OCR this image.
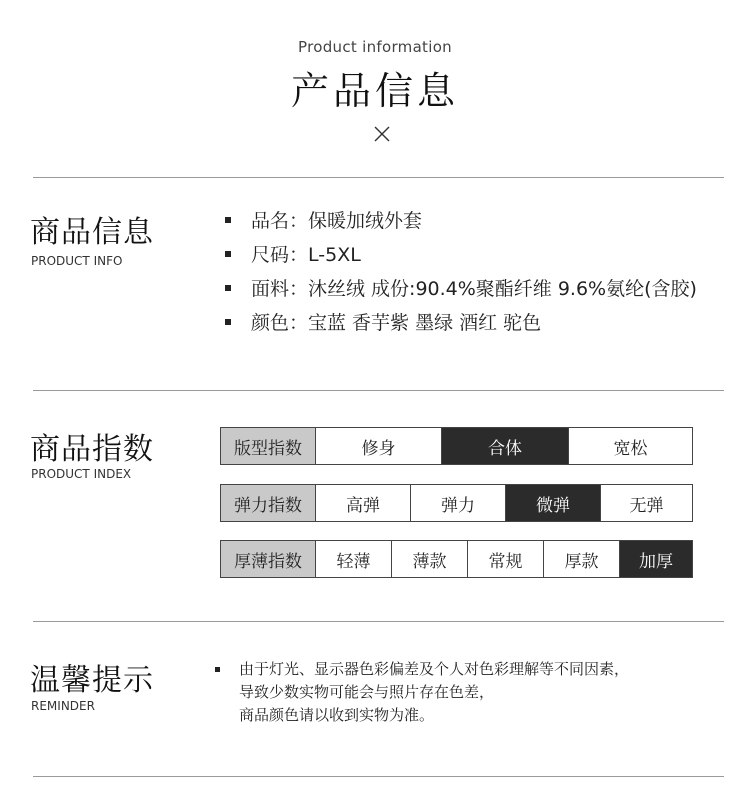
Product information
产品信息
商品信息
PRODUCT INFO
品名：保暖加绒外套
尺码：L-5XL
面料：沐丝绒 成份:90.4%聚酯纤维 9.6%氨纶(含胶)
颜色：宝蓝 香芋紫 墨绿 酒红 驼色
商品指数
PRODUCT INDEX
版型指数	修身	合体	宽松
弹力指数	高弹	弹力	微弹	无弹
厚薄指数	轻薄	薄款	常规	厚款	加厚
温馨提示
REMINDER
由于灯光、显示器色彩偏差及个人对色彩理解等不同因素，
导致少数实物可能会与照片存在色差，
商品颜色请以收到实物为准。
